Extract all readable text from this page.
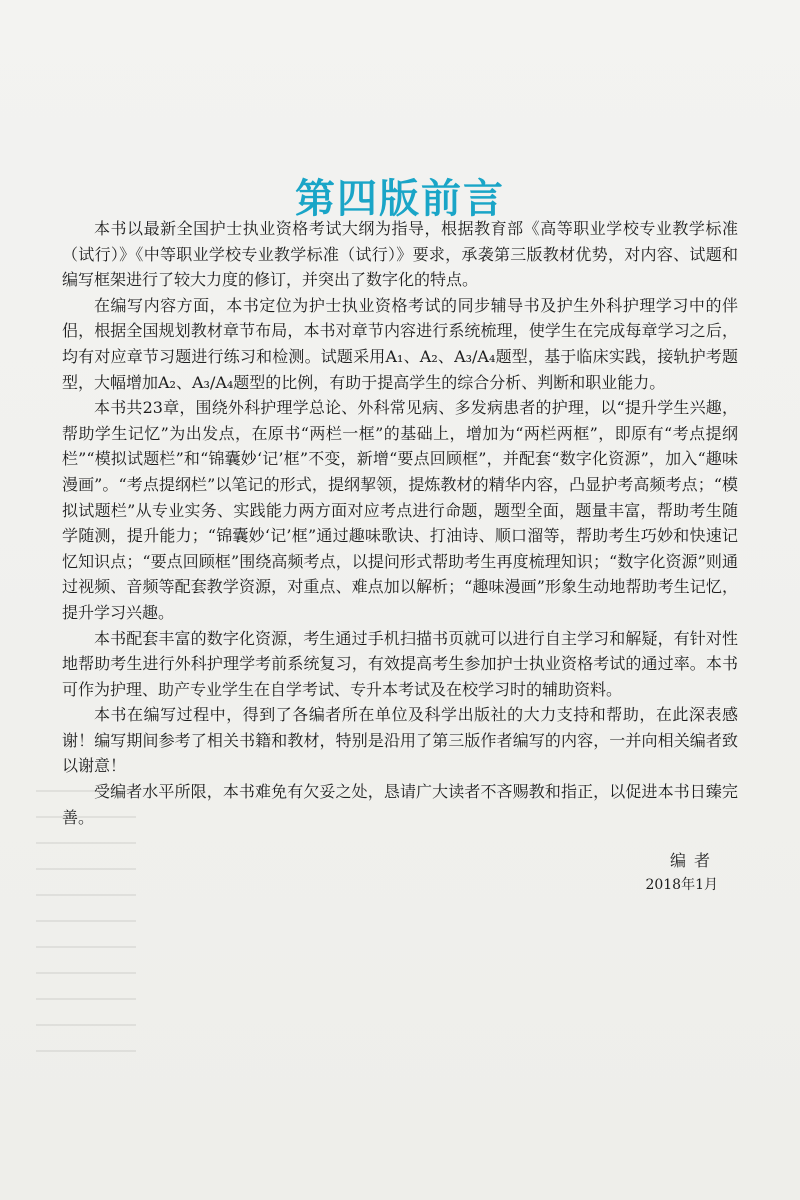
第四版前言

本书以最新全国护士执业资格考试大纲为指导，根据教育部《高等职业学校专业教学标准（试行）》《中等职业学校专业教学标准（试行）》要求，承袭第三版教材优势，对内容、试题和编写框架进行了较大力度的修订，并突出了数字化的特点。

在编写内容方面，本书定位为护士执业资格考试的同步辅导书及护生外科护理学习中的伴侣，根据全国规划教材章节布局，本书对章节内容进行系统梳理，使学生在完成每章学习之后，均有对应章节习题进行练习和检测。试题采用A₁、A₂、A₃/A₄题型，基于临床实践，接轨护考题型，大幅增加A₂、A₃/A₄题型的比例，有助于提高学生的综合分析、判断和职业能力。

本书共23章，围绕外科护理学总论、外科常见病、多发病患者的护理，以“提升学生兴趣，帮助学生记忆”为出发点，在原书“两栏一框”的基础上，增加为“两栏两框”，即原有“考点提纲栏”“模拟试题栏”和“锦囊妙‘记’框”不变，新增“要点回顾框”，并配套“数字化资源”，加入“趣味漫画”。“考点提纲栏”以笔记的形式，提纲挈领，提炼教材的精华内容，凸显护考高频考点；“模拟试题栏”从专业实务、实践能力两方面对应考点进行命题，题型全面，题量丰富，帮助考生随学随测，提升能力；“锦囊妙‘记’框”通过趣味歌诀、打油诗、顺口溜等，帮助考生巧妙和快速记忆知识点；“要点回顾框”围绕高频考点，以提问形式帮助考生再度梳理知识；“数字化资源”则通过视频、音频等配套教学资源，对重点、难点加以解析；“趣味漫画”形象生动地帮助考生记忆，提升学习兴趣。

本书配套丰富的数字化资源，考生通过手机扫描书页就可以进行自主学习和解疑，有针对性地帮助考生进行外科护理学考前系统复习，有效提高考生参加护士执业资格考试的通过率。本书可作为护理、助产专业学生在自学考试、专升本考试及在校学习时的辅助资料。

本书在编写过程中，得到了各编者所在单位及科学出版社的大力支持和帮助，在此深表感谢！编写期间参考了相关书籍和教材，特别是沿用了第三版作者编写的内容，一并向相关编者致以谢意！

受编者水平所限，本书难免有欠妥之处，恳请广大读者不吝赐教和指正，以促进本书日臻完善。

编者
2018年1月
